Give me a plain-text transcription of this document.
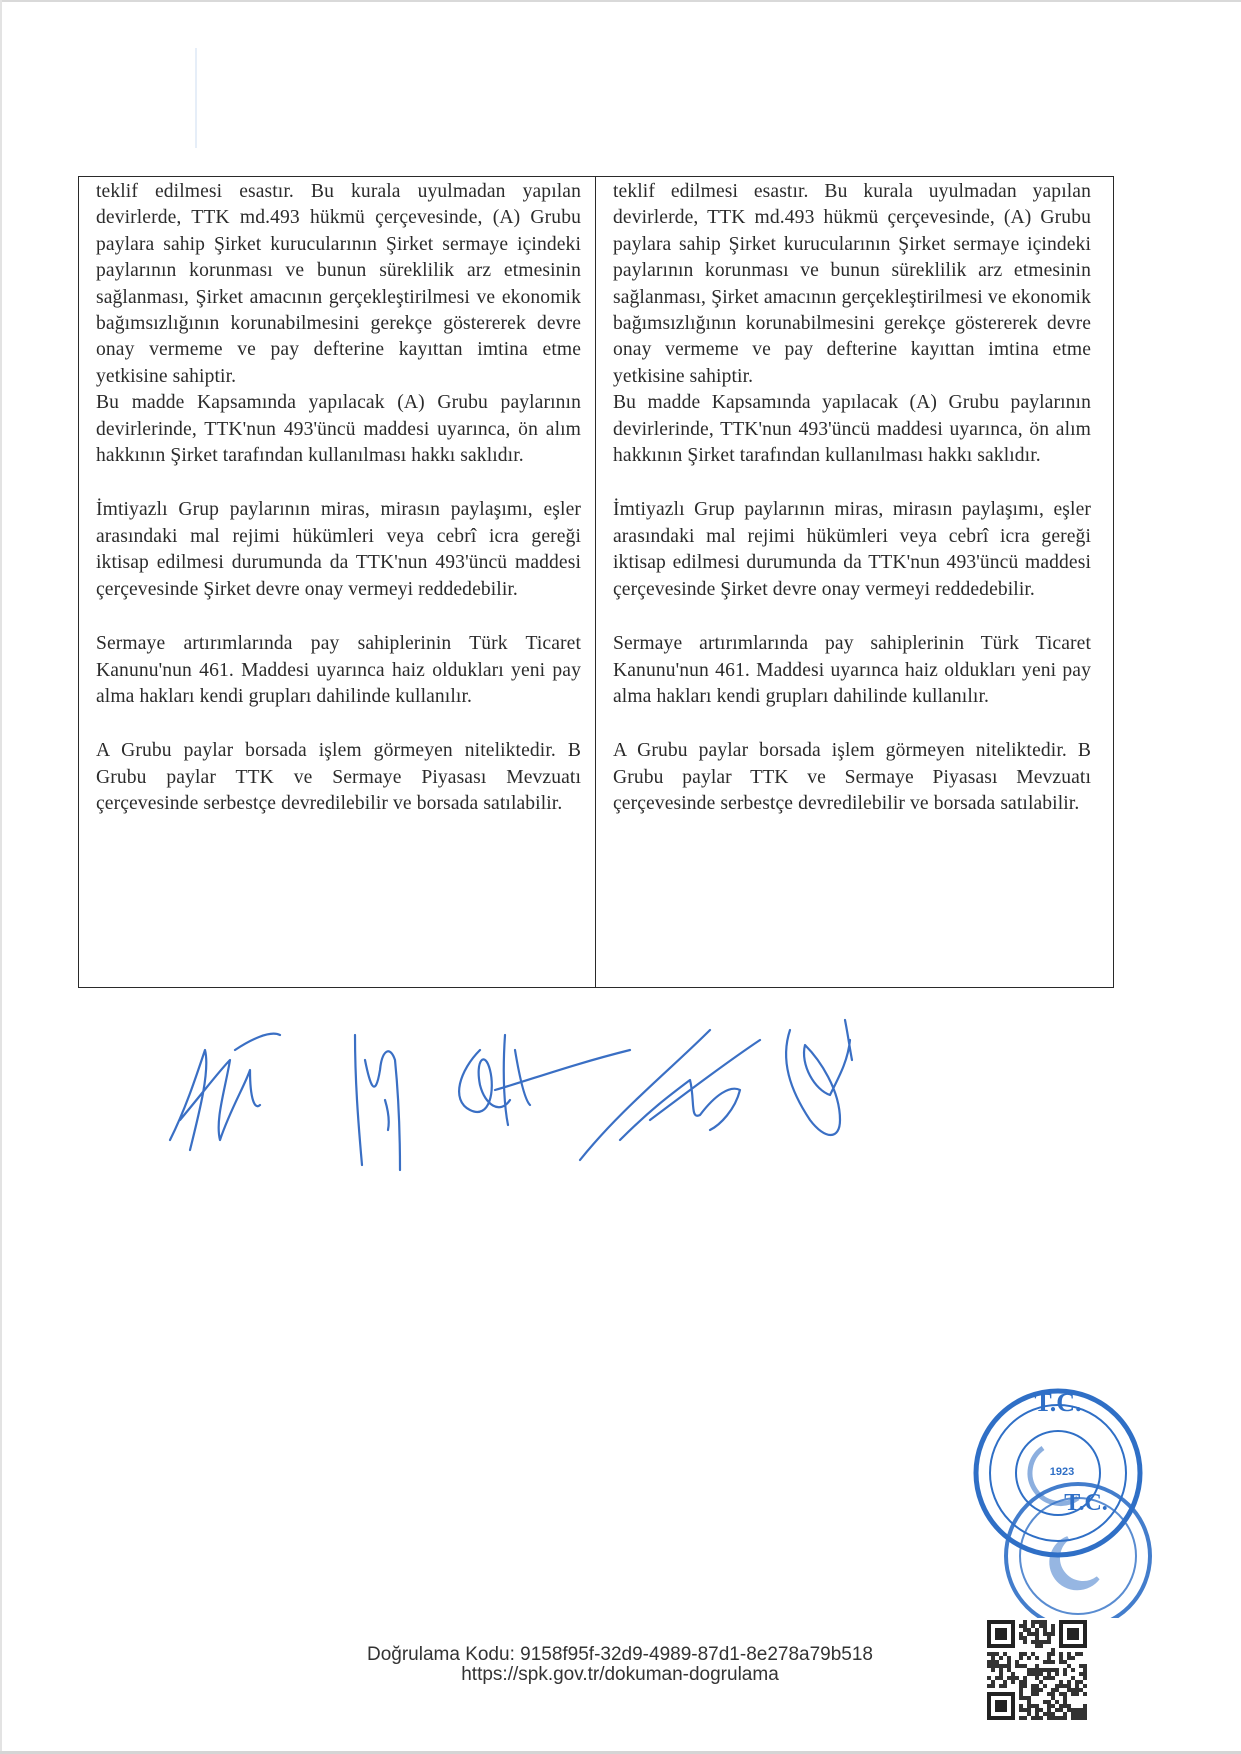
teklif edilmesi esastır. Bu kurala uyulmadan yapılan devirlerde, TTK md.493 hükmü çerçevesinde, (A) Grubu paylara sahip Şirket kurucularının Şirket sermaye içindeki paylarının korunması ve bunun süreklilik arz etmesinin sağlanması, Şirket amacının gerçekleştirilmesi ve ekonomik bağımsızlığının korunabilmesini gerekçe göstererek devre onay vermeme ve pay defterine kayıttan imtina etme yetkisine sahiptir.

Bu madde Kapsamında yapılacak (A) Grubu paylarının devirlerinde, TTK'nun 493'üncü maddesi uyarınca, ön alım hakkının Şirket tarafından kullanılması hakkı saklıdır.

İmtiyazlı Grup paylarının miras, mirasın paylaşımı, eşler arasındaki mal rejimi hükümleri veya cebrî icra gereği iktisap edilmesi durumunda da TTK'nun 493'üncü maddesi çerçevesinde Şirket devre onay vermeyi reddedebilir.

Sermaye artırımlarında pay sahiplerinin Türk Ticaret Kanunu'nun 461. Maddesi uyarınca haiz oldukları yeni pay alma hakları kendi grupları dahilinde kullanılır.

A Grubu paylar borsada işlem görmeyen niteliktedir. B Grubu paylar TTK ve Sermaye Piyasası Mevzuatı çerçevesinde serbestçe devredilebilir ve borsada satılabilir.

teklif edilmesi esastır. Bu kurala uyulmadan yapılan devirlerde, TTK md.493 hükmü çerçevesinde, (A) Grubu paylara sahip Şirket kurucularının Şirket sermaye içindeki paylarının korunması ve bunun süreklilik arz etmesinin sağlanması, Şirket amacının gerçekleştirilmesi ve ekonomik bağımsızlığının korunabilmesini gerekçe göstererek devre onay vermeme ve pay defterine kayıttan imtina etme yetkisine sahiptir.

Bu madde Kapsamında yapılacak (A) Grubu paylarının devirlerinde, TTK'nun 493'üncü maddesi uyarınca, ön alım hakkının Şirket tarafından kullanılması hakkı saklıdır.

İmtiyazlı Grup paylarının miras, mirasın paylaşımı, eşler arasındaki mal rejimi hükümleri veya cebrî icra gereği iktisap edilmesi durumunda da TTK'nun 493'üncü maddesi çerçevesinde Şirket devre onay vermeyi reddedebilir.

Sermaye artırımlarında pay sahiplerinin Türk Ticaret Kanunu'nun 461. Maddesi uyarınca haiz oldukları yeni pay alma hakları kendi grupları dahilinde kullanılır.

A Grubu paylar borsada işlem görmeyen niteliktedir. B Grubu paylar TTK ve Sermaye Piyasası Mevzuatı çerçevesinde serbestçe devredilebilir ve borsada satılabilir.

T.C.
1923
T.C.

Doğrulama Kodu: 9158f95f-32d9-4989-87d1-8e278a79b518

https://spk.gov.tr/dokuman-dogrulama
